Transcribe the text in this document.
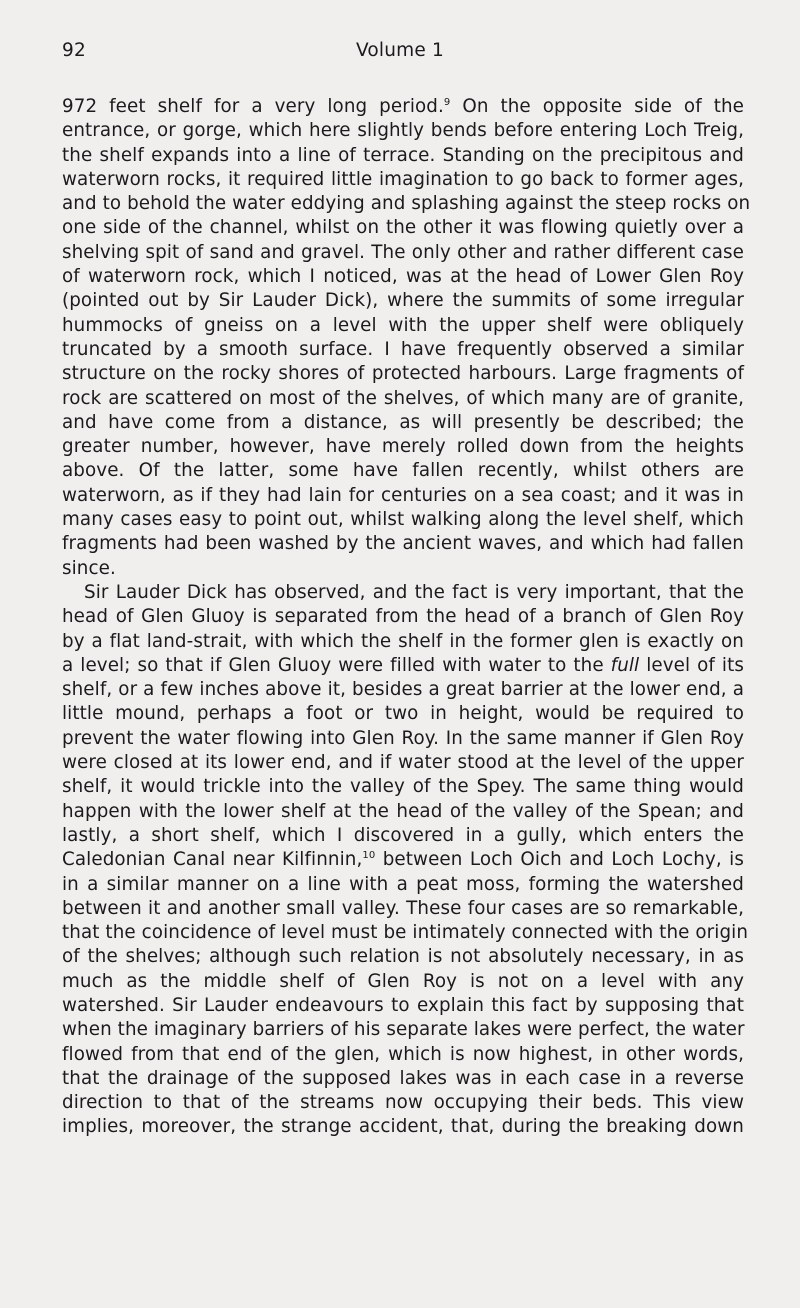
92	Volume 1
972 feet shelf for a very long period.$^9$ On the opposite side of the
entrance, or gorge, which here slightly bends before entering Loch Treig,
the shelf expands into a line of terrace. Standing on the precipitous and
waterworn rocks, it required little imagination to go back to former ages,
and to behold the water eddying and splashing against the steep rocks on
one side of the channel, whilst on the other it was flowing quietly over a
shelving spit of sand and gravel. The only other and rather different case
of waterworn rock, which I noticed, was at the head of Lower Glen Roy
(pointed out by Sir Lauder Dick), where the summits of some irregular
hummocks of gneiss on a level with the upper shelf were obliquely
truncated by a smooth surface. I have frequently observed a similar
structure on the rocky shores of protected harbours. Large fragments of
rock are scattered on most of the shelves, of which many are of granite,
and have come from a distance, as will presently be described; the
greater number, however, have merely rolled down from the heights
above. Of the latter, some have fallen recently, whilst others are
waterworn, as if they had lain for centuries on a sea coast; and it was in
many cases easy to point out, whilst walking along the level shelf, which
fragments had been washed by the ancient waves, and which had fallen
since.
Sir Lauder Dick has observed, and the fact is very important, that the
head of Glen Gluoy is separated from the head of a branch of Glen Roy
by a flat land-strait, with which the shelf in the former glen is exactly on
a level; so that if Glen Gluoy were filled with water to the full level of its
shelf, or a few inches above it, besides a great barrier at the lower end, a
little mound, perhaps a foot or two in height, would be required to
prevent the water flowing into Glen Roy. In the same manner if Glen Roy
were closed at its lower end, and if water stood at the level of the upper
shelf, it would trickle into the valley of the Spey. The same thing would
happen with the lower shelf at the head of the valley of the Spean; and
lastly, a short shelf, which I discovered in a gully, which enters the
Caledonian Canal near Kilfinnin,$^{10}$ between Loch Oich and Loch Lochy, is
in a similar manner on a line with a peat moss, forming the watershed
between it and another small valley. These four cases are so remarkable,
that the coincidence of level must be intimately connected with the origin
of the shelves; although such relation is not absolutely necessary, in as
much as the middle shelf of Glen Roy is not on a level with any
watershed. Sir Lauder endeavours to explain this fact by supposing that
when the imaginary barriers of his separate lakes were perfect, the water
flowed from that end of the glen, which is now highest, in other words,
that the drainage of the supposed lakes was in each case in a reverse
direction to that of the streams now occupying their beds. This view
implies, moreover, the strange accident, that, during the breaking down
